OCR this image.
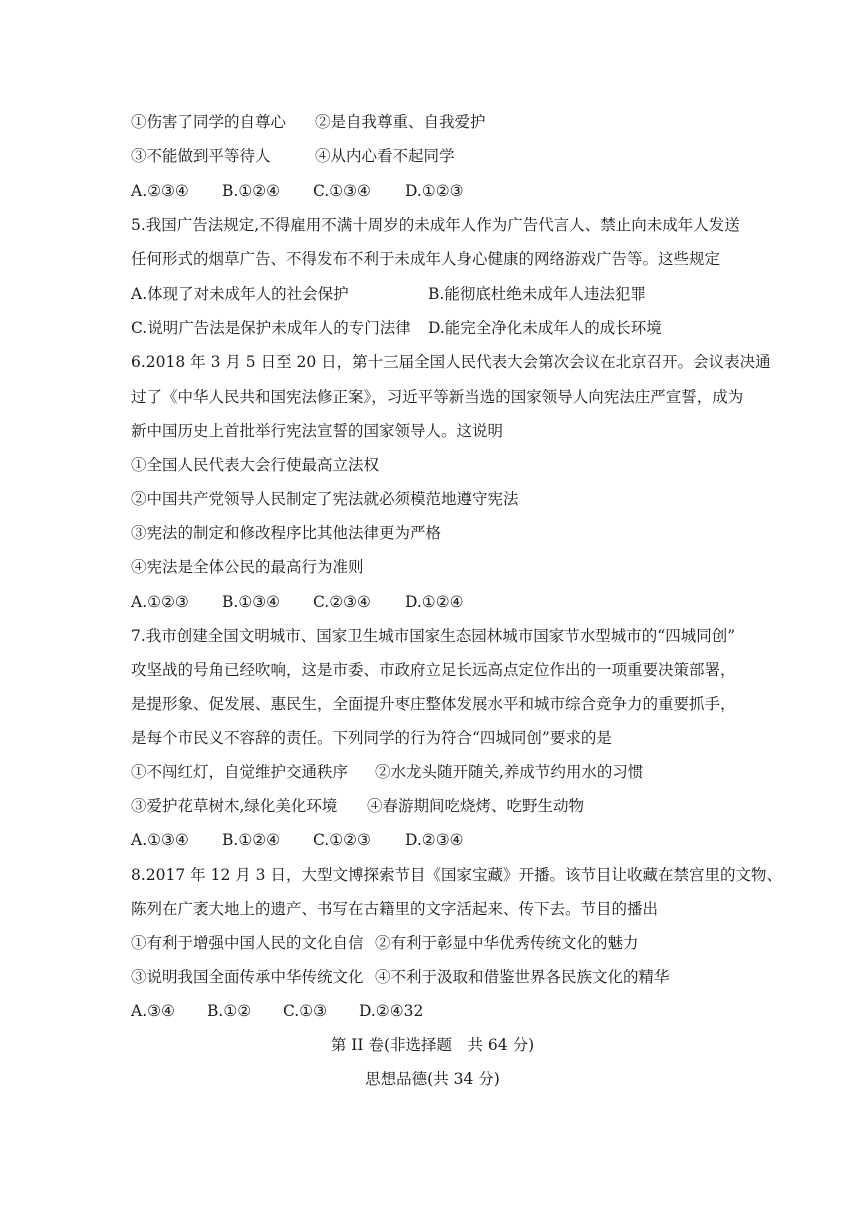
①伤害了同学的自尊心 ②是自我尊重、自我爱护
③不能做到平等待人	④从内心看不起同学
A.②③④ B.①②④ C.①③④ D.①②③
5.我国广告法规定,不得雇用不满十周岁的未成年人作为广告代言人、禁止向未成年人发送
任何形式的烟草广告、不得发布不利于未成年人身心健康的网络游戏广告等。这些规定
A.体现了对未成年人的社会保护	B.能彻底杜绝未成年人违法犯罪
C.说明广告法是保护未成年人的专门法律 D.能完全净化未成年人的成长环境
6.2018 年 3 月 5 日至 20 日，第十三届全国人民代表大会第次会议在北京召开。会议表决通
过了《中华人民共和国宪法修正案》，习近平等新当选的国家领导人向宪法庄严宣誓，成为
新中国历史上首批举行宪法宣誓的国家领导人。这说明
①全国人民代表大会行使最高立法权
②中国共产党领导人民制定了宪法就必须模范地遵守宪法
③宪法的制定和修改程序比其他法律更为严格
④宪法是全体公民的最高行为准则
A.①②③ B.①③④ C.②③④ D.①②④
7.我市创建全国文明城市、国家卫生城市国家生态园林城市国家节水型城市的“四城同创”
攻坚战的号角已经吹响，这是市委、市政府立足长远高点定位作出的一项重要决策部署，
是提形象、促发展、惠民生，全面提升枣庄整体发展水平和城市综合竞争力的重要抓手，
是每个市民义不容辞的责任。下列同学的行为符合“四城同创”要求的是
①不闯红灯，自觉维护交通秩序 ②水龙头随开随关,养成节约用水的习惯
③爱护花草树木,绿化美化环境 ④春游期间吃烧烤、吃野生动物
A.①③④ B.①②④ C.①②③ D.②③④
8.2017 年 12 月 3 日，大型文博探索节目《国家宝藏》开播。该节目让收藏在禁宫里的文物、
陈列在广袤大地上的遗产、书写在古籍里的文字活起来、传下去。节目的播出
①有利于增强中国人民的文化自信 ②有利于彰显中华优秀传统文化的魅力
③说明我国全面传承中华传统文化 ④不利于汲取和借鉴世界各民族文化的精华
A.③④ B.①② C.①③ D.②④32
第 II 卷(非选择题　共 64 分)
思想品德(共 34 分)
